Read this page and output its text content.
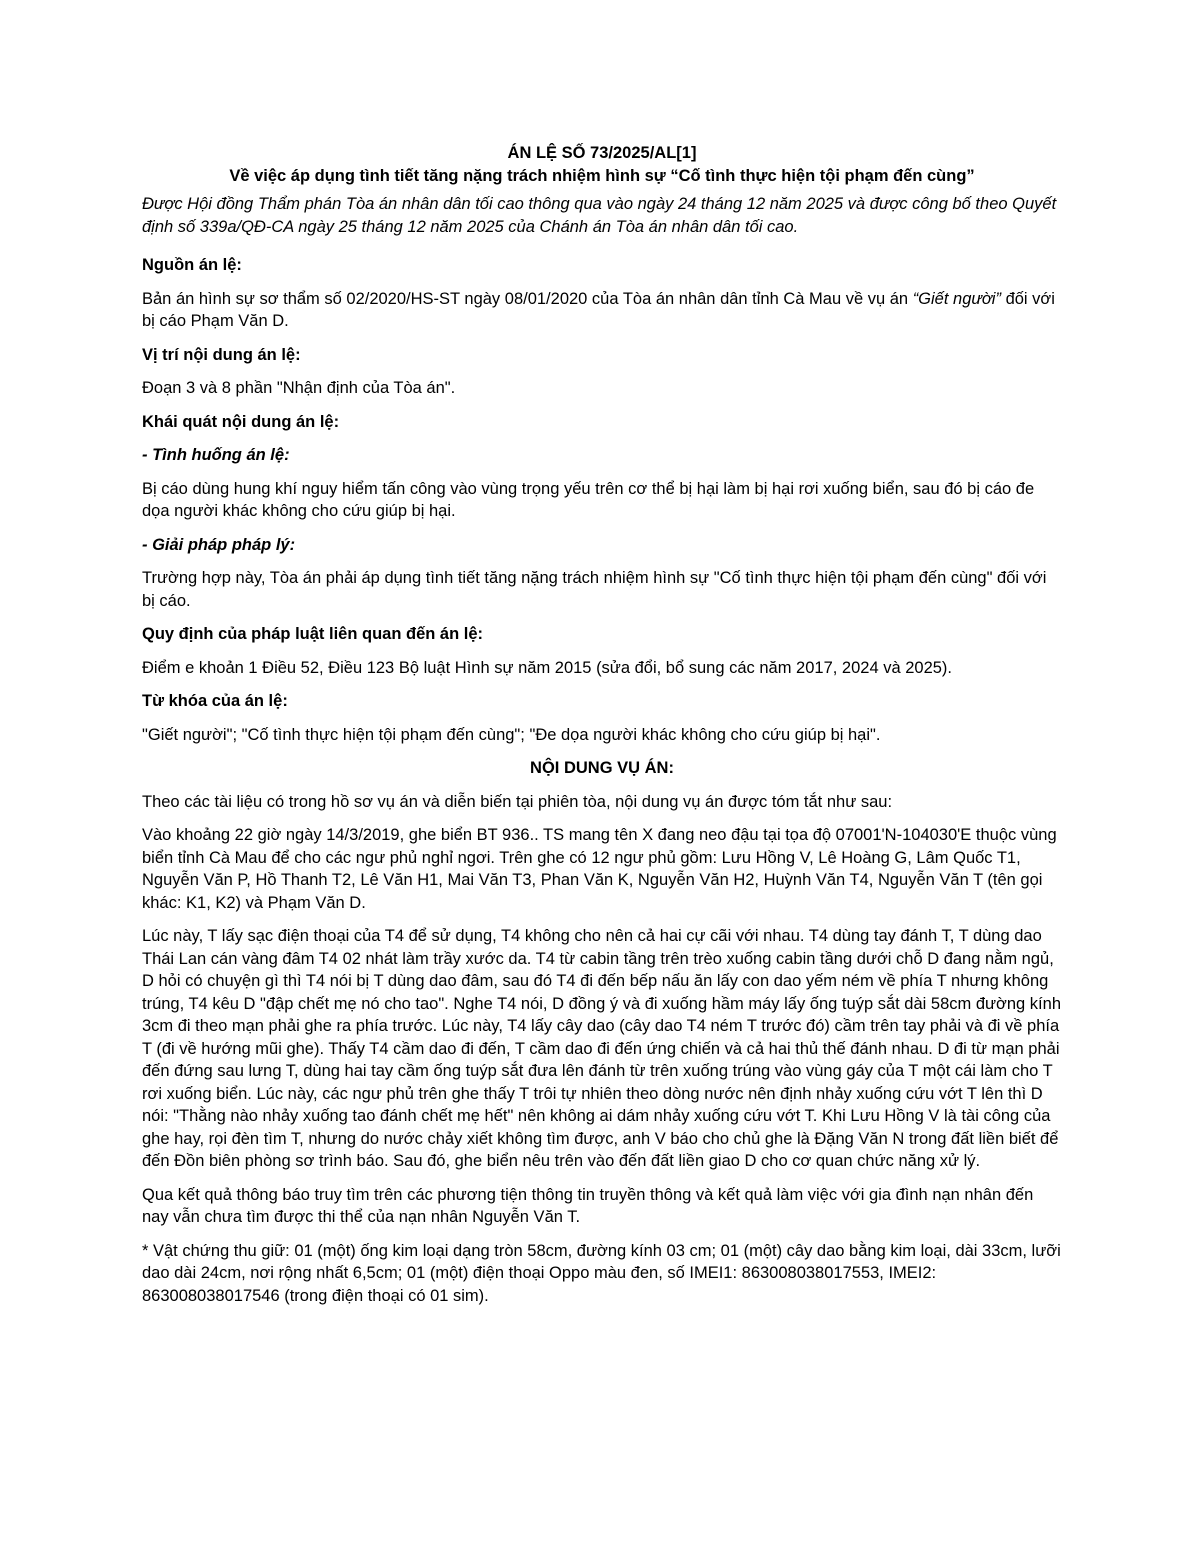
ÁN LỆ SỐ 73/2025/AL[1]

Về việc áp dụng tình tiết tăng nặng trách nhiệm hình sự “Cố tình thực hiện tội phạm đến cùng”

Được Hội đồng Thẩm phán Tòa án nhân dân tối cao thông qua vào ngày 24 tháng 12 năm 2025 và được công bố theo Quyết định số 339a/QĐ-CA ngày 25 tháng 12 năm 2025 của Chánh án Tòa án nhân dân tối cao.

Nguồn án lệ:

Bản án hình sự sơ thẩm số 02/2020/HS-ST ngày 08/01/2020 của Tòa án nhân dân tỉnh Cà Mau về vụ án “Giết người” đối với bị cáo Phạm Văn D.

Vị trí nội dung án lệ:

Đoạn 3 và 8 phần "Nhận định của Tòa án".

Khái quát nội dung án lệ:

- Tình huống án lệ:

Bị cáo dùng hung khí nguy hiểm tấn công vào vùng trọng yếu trên cơ thể bị hại làm bị hại rơi xuống biển, sau đó bị cáo đe dọa người khác không cho cứu giúp bị hại.

- Giải pháp pháp lý:

Trường hợp này, Tòa án phải áp dụng tình tiết tăng nặng trách nhiệm hình sự "Cố tình thực hiện tội phạm đến cùng" đối với bị cáo.

Quy định của pháp luật liên quan đến án lệ:

Điểm e khoản 1 Điều 52, Điều 123 Bộ luật Hình sự năm 2015 (sửa đổi, bổ sung các năm 2017, 2024 và 2025).

Từ khóa của án lệ:

"Giết người"; "Cố tình thực hiện tội phạm đến cùng"; "Đe dọa người khác không cho cứu giúp bị hại".

NỘI DUNG VỤ ÁN:

Theo các tài liệu có trong hồ sơ vụ án và diễn biến tại phiên tòa, nội dung vụ án được tóm tắt như sau:

Vào khoảng 22 giờ ngày 14/3/2019, ghe biển BT 936.. TS mang tên X đang neo đậu tại tọa độ 07001'N-104030'E thuộc vùng biển tỉnh Cà Mau để cho các ngư phủ nghỉ ngơi. Trên ghe có 12 ngư phủ gồm: Lưu Hồng V, Lê Hoàng G, Lâm Quốc T1, Nguyễn Văn P, Hồ Thanh T2, Lê Văn H1, Mai Văn T3, Phan Văn K, Nguyễn Văn H2, Huỳnh Văn T4, Nguyễn Văn T (tên gọi khác: K1, K2) và Phạm Văn D.

Lúc này, T lấy sạc điện thoại của T4 để sử dụng, T4 không cho nên cả hai cự cãi với nhau. T4 dùng tay đánh T, T dùng dao Thái Lan cán vàng đâm T4 02 nhát làm trầy xước da. T4 từ cabin tầng trên trèo xuống cabin tầng dưới chỗ D đang nằm ngủ, D hỏi có chuyện gì thì T4 nói bị T dùng dao đâm, sau đó T4 đi đến bếp nấu ăn lấy con dao yếm ném về phía T nhưng không trúng, T4 kêu D "đập chết mẹ nó cho tao". Nghe T4 nói, D đồng ý và đi xuống hầm máy lấy ống tuýp sắt dài 58cm đường kính 3cm đi theo mạn phải ghe ra phía trước. Lúc này, T4 lấy cây dao (cây dao T4 ném T trước đó) cầm trên tay phải và đi về phía T (đi về hướng mũi ghe). Thấy T4 cầm dao đi đến, T cầm dao đi đến ứng chiến và cả hai thủ thế đánh nhau. D đi từ mạn phải đến đứng sau lưng T, dùng hai tay cầm ống tuýp sắt đưa lên đánh từ trên xuống trúng vào vùng gáy của T một cái làm cho T rơi xuống biển. Lúc này, các ngư phủ trên ghe thấy T trôi tự nhiên theo dòng nước nên định nhảy xuống cứu vớt T lên thì D nói: "Thằng nào nhảy xuống tao đánh chết mẹ hết" nên không ai dám nhảy xuống cứu vớt T. Khi Lưu Hồng V là tài công của ghe hay, rọi đèn tìm T, nhưng do nước chảy xiết không tìm được, anh V báo cho chủ ghe là Đặng Văn N trong đất liền biết để đến Đồn biên phòng sơ trình báo. Sau đó, ghe biển nêu trên vào đến đất liền giao D cho cơ quan chức năng xử lý.

Qua kết quả thông báo truy tìm trên các phương tiện thông tin truyền thông và kết quả làm việc với gia đình nạn nhân đến nay vẫn chưa tìm được thi thể của nạn nhân Nguyễn Văn T.

* Vật chứng thu giữ: 01 (một) ống kim loại dạng tròn 58cm, đường kính 03 cm; 01 (một) cây dao bằng kim loại, dài 33cm, lưỡi dao dài 24cm, nơi rộng nhất 6,5cm; 01 (một) điện thoại Oppo màu đen, số IMEI1: 863008038017553, IMEI2: 863008038017546 (trong điện thoại có 01 sim).
